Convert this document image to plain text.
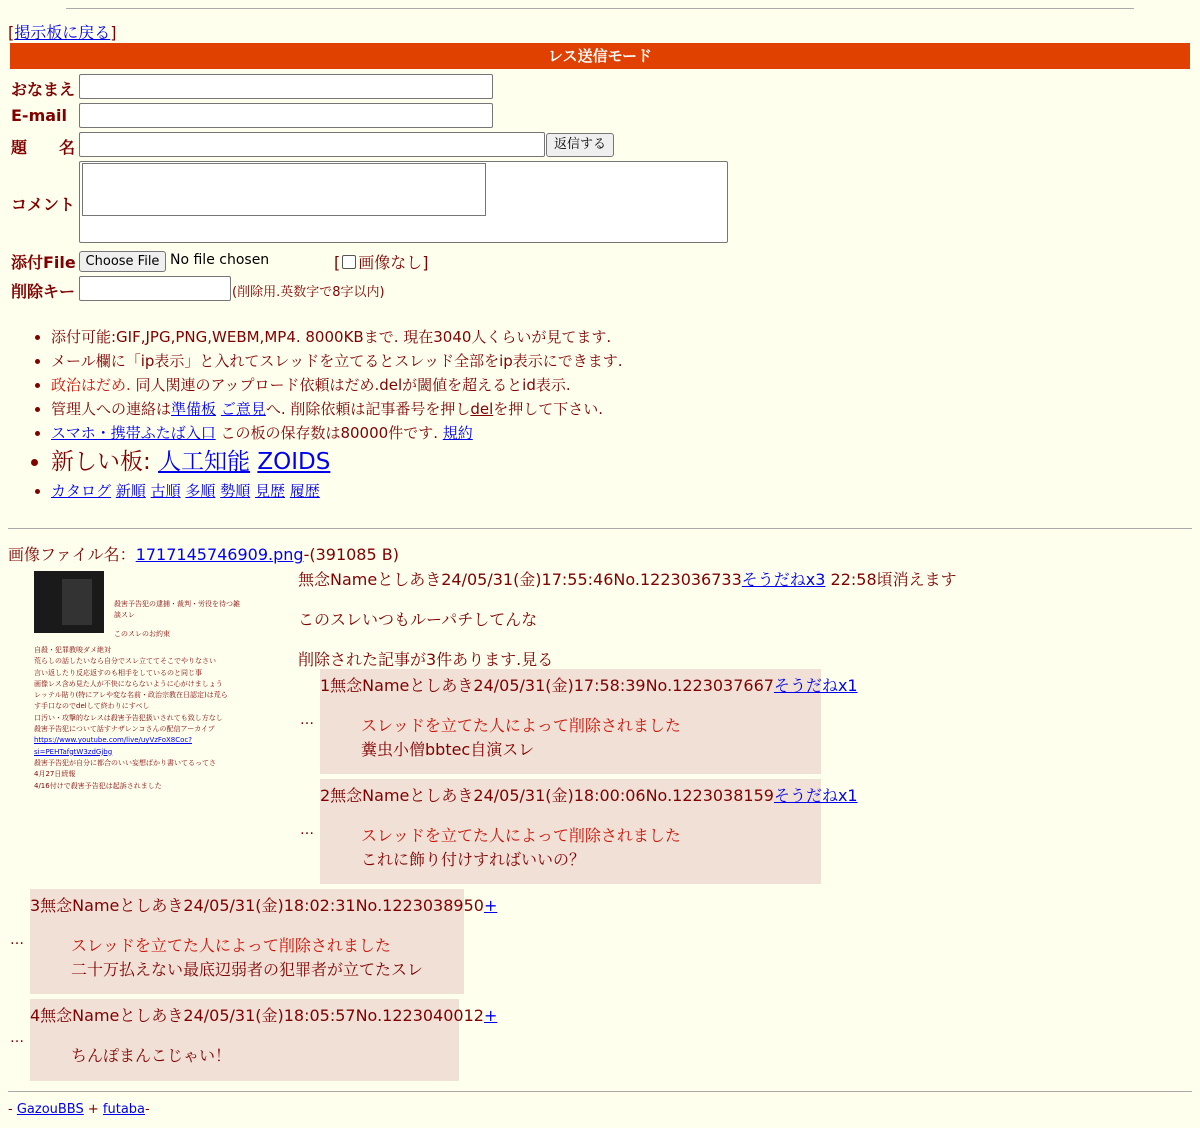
[掲示板に戻る]
レス送信モード
おなまえ
E-mail
題　　名	返信する
コメント
添付File Choose File No file chosen	[ 画像なし]
削除キー	(削除用.英数字で8字以内)
• 添付可能:GIF,JPG,PNG,WEBM,MP4. 8000KBまで. 現在3040人くらいが見てます.
• メール欄に「ip表示」と入れてスレッドを立てるとスレッド全部をip表示にできます.
• 政治はだめ. 同人関連のアップロード依頼はだめ.delが閾値を超えるとid表示.
• 管理人への連絡は準備板 ご意見へ. 削除依頼は記事番号を押しdelを押して下さい.
• スマホ・携帯ふたば入口 この板の保存数は80000件です. 規約
• 新しい板: 人工知能 ZOIDS
• カタログ 新順 古順 多順 勢順 見歴 履歴
画像ファイル名：1717145746909.png-(391085 B)
殺害予告犯の逮捕・裁判・労役を待つ雑
談スレ
このスレのお約束
自殺・犯罪教唆ダメ絶対
荒らしの話したいなら自分でスレ立ててそこでやりなさい
言い返したり反応返すのも相手をしているのと同じ事
画像レス含め見た人が不快にならないように心がけましょう
レッテル貼り(特にアレや変な名前・政治宗教在日認定)は荒ら
す手口なのでdelして終わりにすべし
口汚い・攻撃的なレスは殺害予告犯扱いされても致し方なし
殺害予告犯について話すナザレンコさんの配信アーカイブ
https://www.youtube.com/live/uyVzFoX8Coc?
si=PEHTafgtW3zdGjbg
殺害予告犯が自分に都合のいい妄想ばかり書いてるってさ
4月27日続報
4/16付けで殺害予告犯は起訴されました
無念Nameとしあき24/05/31(金)17:55:46No.1223036733そうだねx3 22:58頃消えます
このスレいつもルーパチしてんな
削除された記事が3件あります.見る
…
1無念Nameとしあき24/05/31(金)17:58:39No.1223037667そうだねx1
スレッドを立てた人によって削除されました
糞虫小僧bbtec自演スレ
…
2無念Nameとしあき24/05/31(金)18:00:06No.1223038159そうだねx1
スレッドを立てた人によって削除されました
これに飾り付けすればいいの？
…
3無念Nameとしあき24/05/31(金)18:02:31No.1223038950+
スレッドを立てた人によって削除されました
二十万払えない最底辺弱者の犯罪者が立てたスレ
…
4無念Nameとしあき24/05/31(金)18:05:57No.1223040012+
ちんぽまんこじゃい！
- GazouBBS + futaba-
